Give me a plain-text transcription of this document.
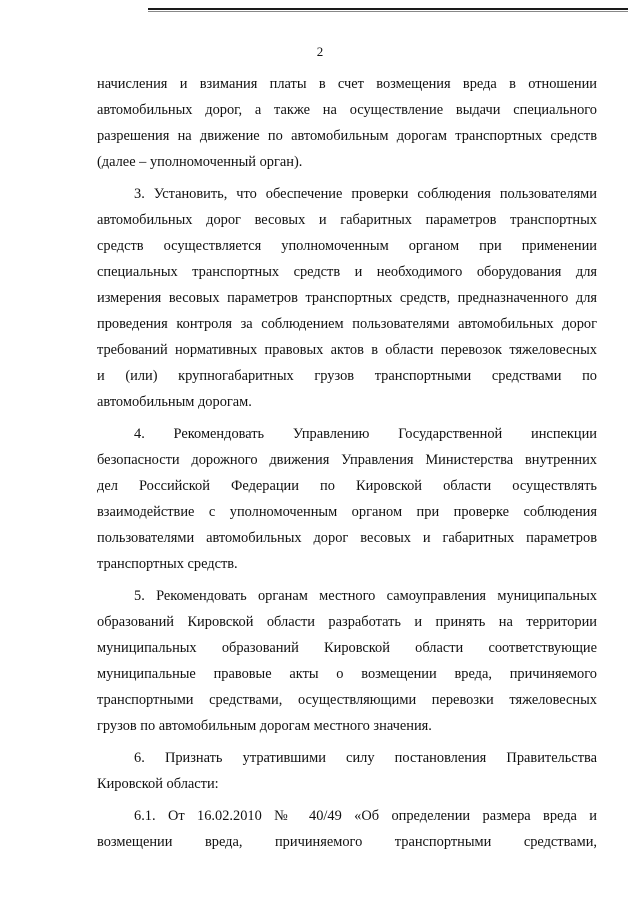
2
начисления и взимания платы в счет возмещения вреда в отношении
автомобильных дорог, а также на осуществление выдачи специального
разрешения на движение по автомобильным дорогам транспортных средств
(далее – уполномоченный орган).
3. Установить, что обеспечение проверки соблюдения пользователями
автомобильных дорог весовых и габаритных параметров транспортных
средств осуществляется уполномоченным органом при применении
специальных транспортных средств и необходимого оборудования для
измерения весовых параметров транспортных средств, предназначенного для
проведения контроля за соблюдением пользователями автомобильных дорог
требований нормативных правовых актов в области перевозок тяжеловесных
и (или) крупногабаритных грузов транспортными средствами по
автомобильным дорогам.
4. Рекомендовать Управлению Государственной инспекции
безопасности дорожного движения Управления Министерства внутренних
дел Российской Федерации по Кировской области осуществлять
взаимодействие с уполномоченным органом при проверке соблюдения
пользователями автомобильных дорог весовых и габаритных параметров
транспортных средств.
5. Рекомендовать органам местного самоуправления муниципальных
образований Кировской области разработать и принять на территории
муниципальных образований Кировской области соответствующие
муниципальные правовые акты о возмещении вреда, причиняемого
транспортными средствами, осуществляющими перевозки тяжеловесных
грузов по автомобильным дорогам местного значения.
6. Признать утратившими силу постановления Правительства
Кировской области:
6.1. От 16.02.2010 № 40/49 «Об определении размера вреда и
возмещении вреда, причиняемого транспортными средствами,
